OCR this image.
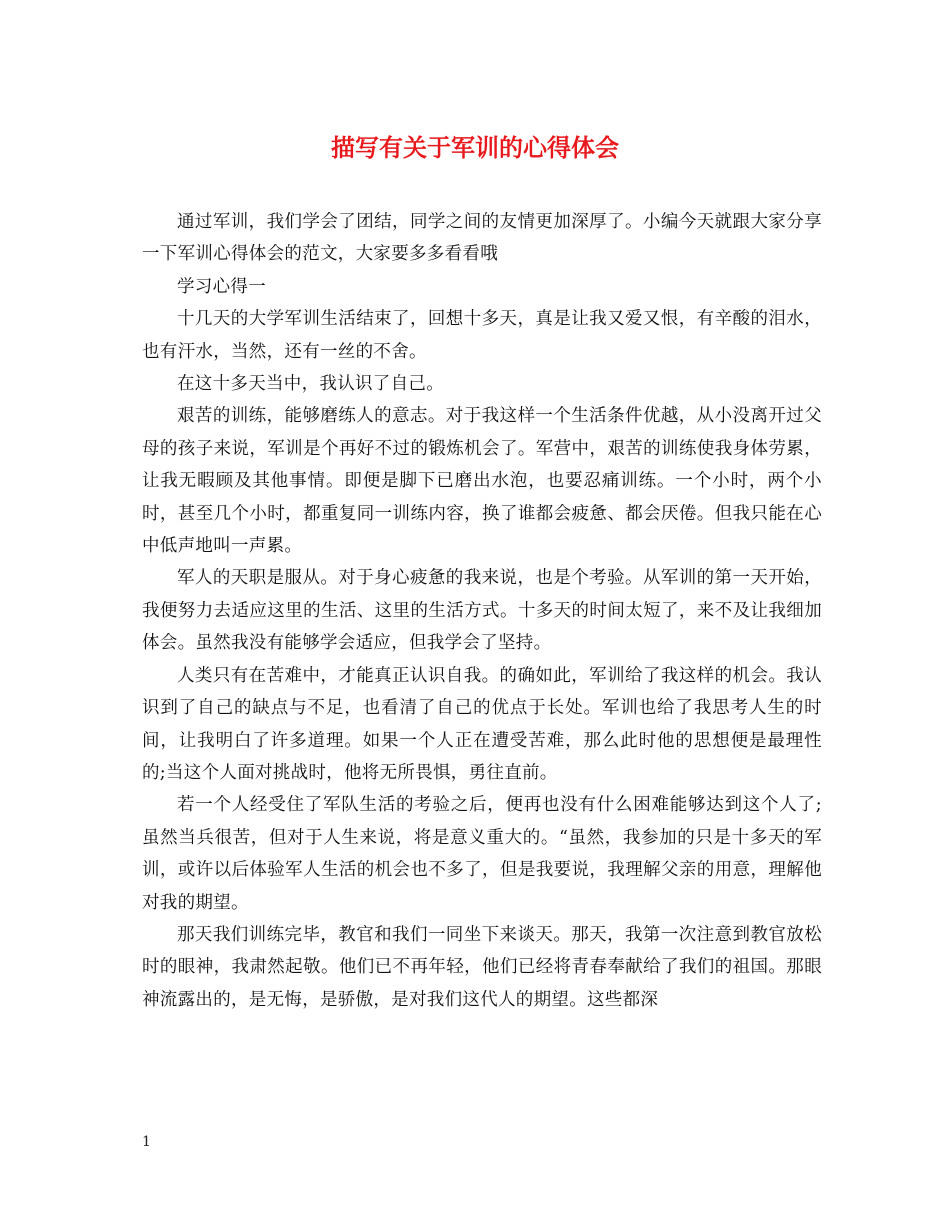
描写有关于军训的心得体会

通过军训，我们学会了团结，同学之间的友情更加深厚了。小编今天就跟大家分享一下军训心得体会的范文，大家要多多看看哦

学习心得一

十几天的大学军训生活结束了，回想十多天，真是让我又爱又恨，有辛酸的泪水，也有汗水，当然，还有一丝的不舍。

在这十多天当中，我认识了自己。

艰苦的训练，能够磨练人的意志。对于我这样一个生活条件优越，从小没离开过父母的孩子来说，军训是个再好不过的锻炼机会了。军营中，艰苦的训练使我身体劳累，让我无暇顾及其他事情。即便是脚下已磨出水泡，也要忍痛训练。一个小时，两个小时，甚至几个小时，都重复同一训练内容，换了谁都会疲惫、都会厌倦。但我只能在心中低声地叫一声累。

军人的天职是服从。对于身心疲惫的我来说，也是个考验。从军训的第一天开始，我便努力去适应这里的生活、这里的生活方式。十多天的时间太短了，来不及让我细加体会。虽然我没有能够学会适应，但我学会了坚持。

人类只有在苦难中，才能真正认识自我。的确如此，军训给了我这样的机会。我认识到了自己的缺点与不足，也看清了自己的优点于长处。军训也给了我思考人生的时间，让我明白了许多道理。如果一个人正在遭受苦难，那么此时他的思想便是最理性的;当这个人面对挑战时，他将无所畏惧，勇往直前。

若一个人经受住了军队生活的考验之后，便再也没有什么困难能够达到这个人了;虽然当兵很苦，但对于人生来说，将是意义重大的。“虽然，我参加的只是十多天的军训，或许以后体验军人生活的机会也不多了，但是我要说，我理解父亲的用意，理解他对我的期望。

那天我们训练完毕，教官和我们一同坐下来谈天。那天，我第一次注意到教官放松时的眼神，我肃然起敬。他们已不再年轻，他们已经将青春奉献给了我们的祖国。那眼神流露出的，是无悔，是骄傲，是对我们这代人的期望。这些都深

1
